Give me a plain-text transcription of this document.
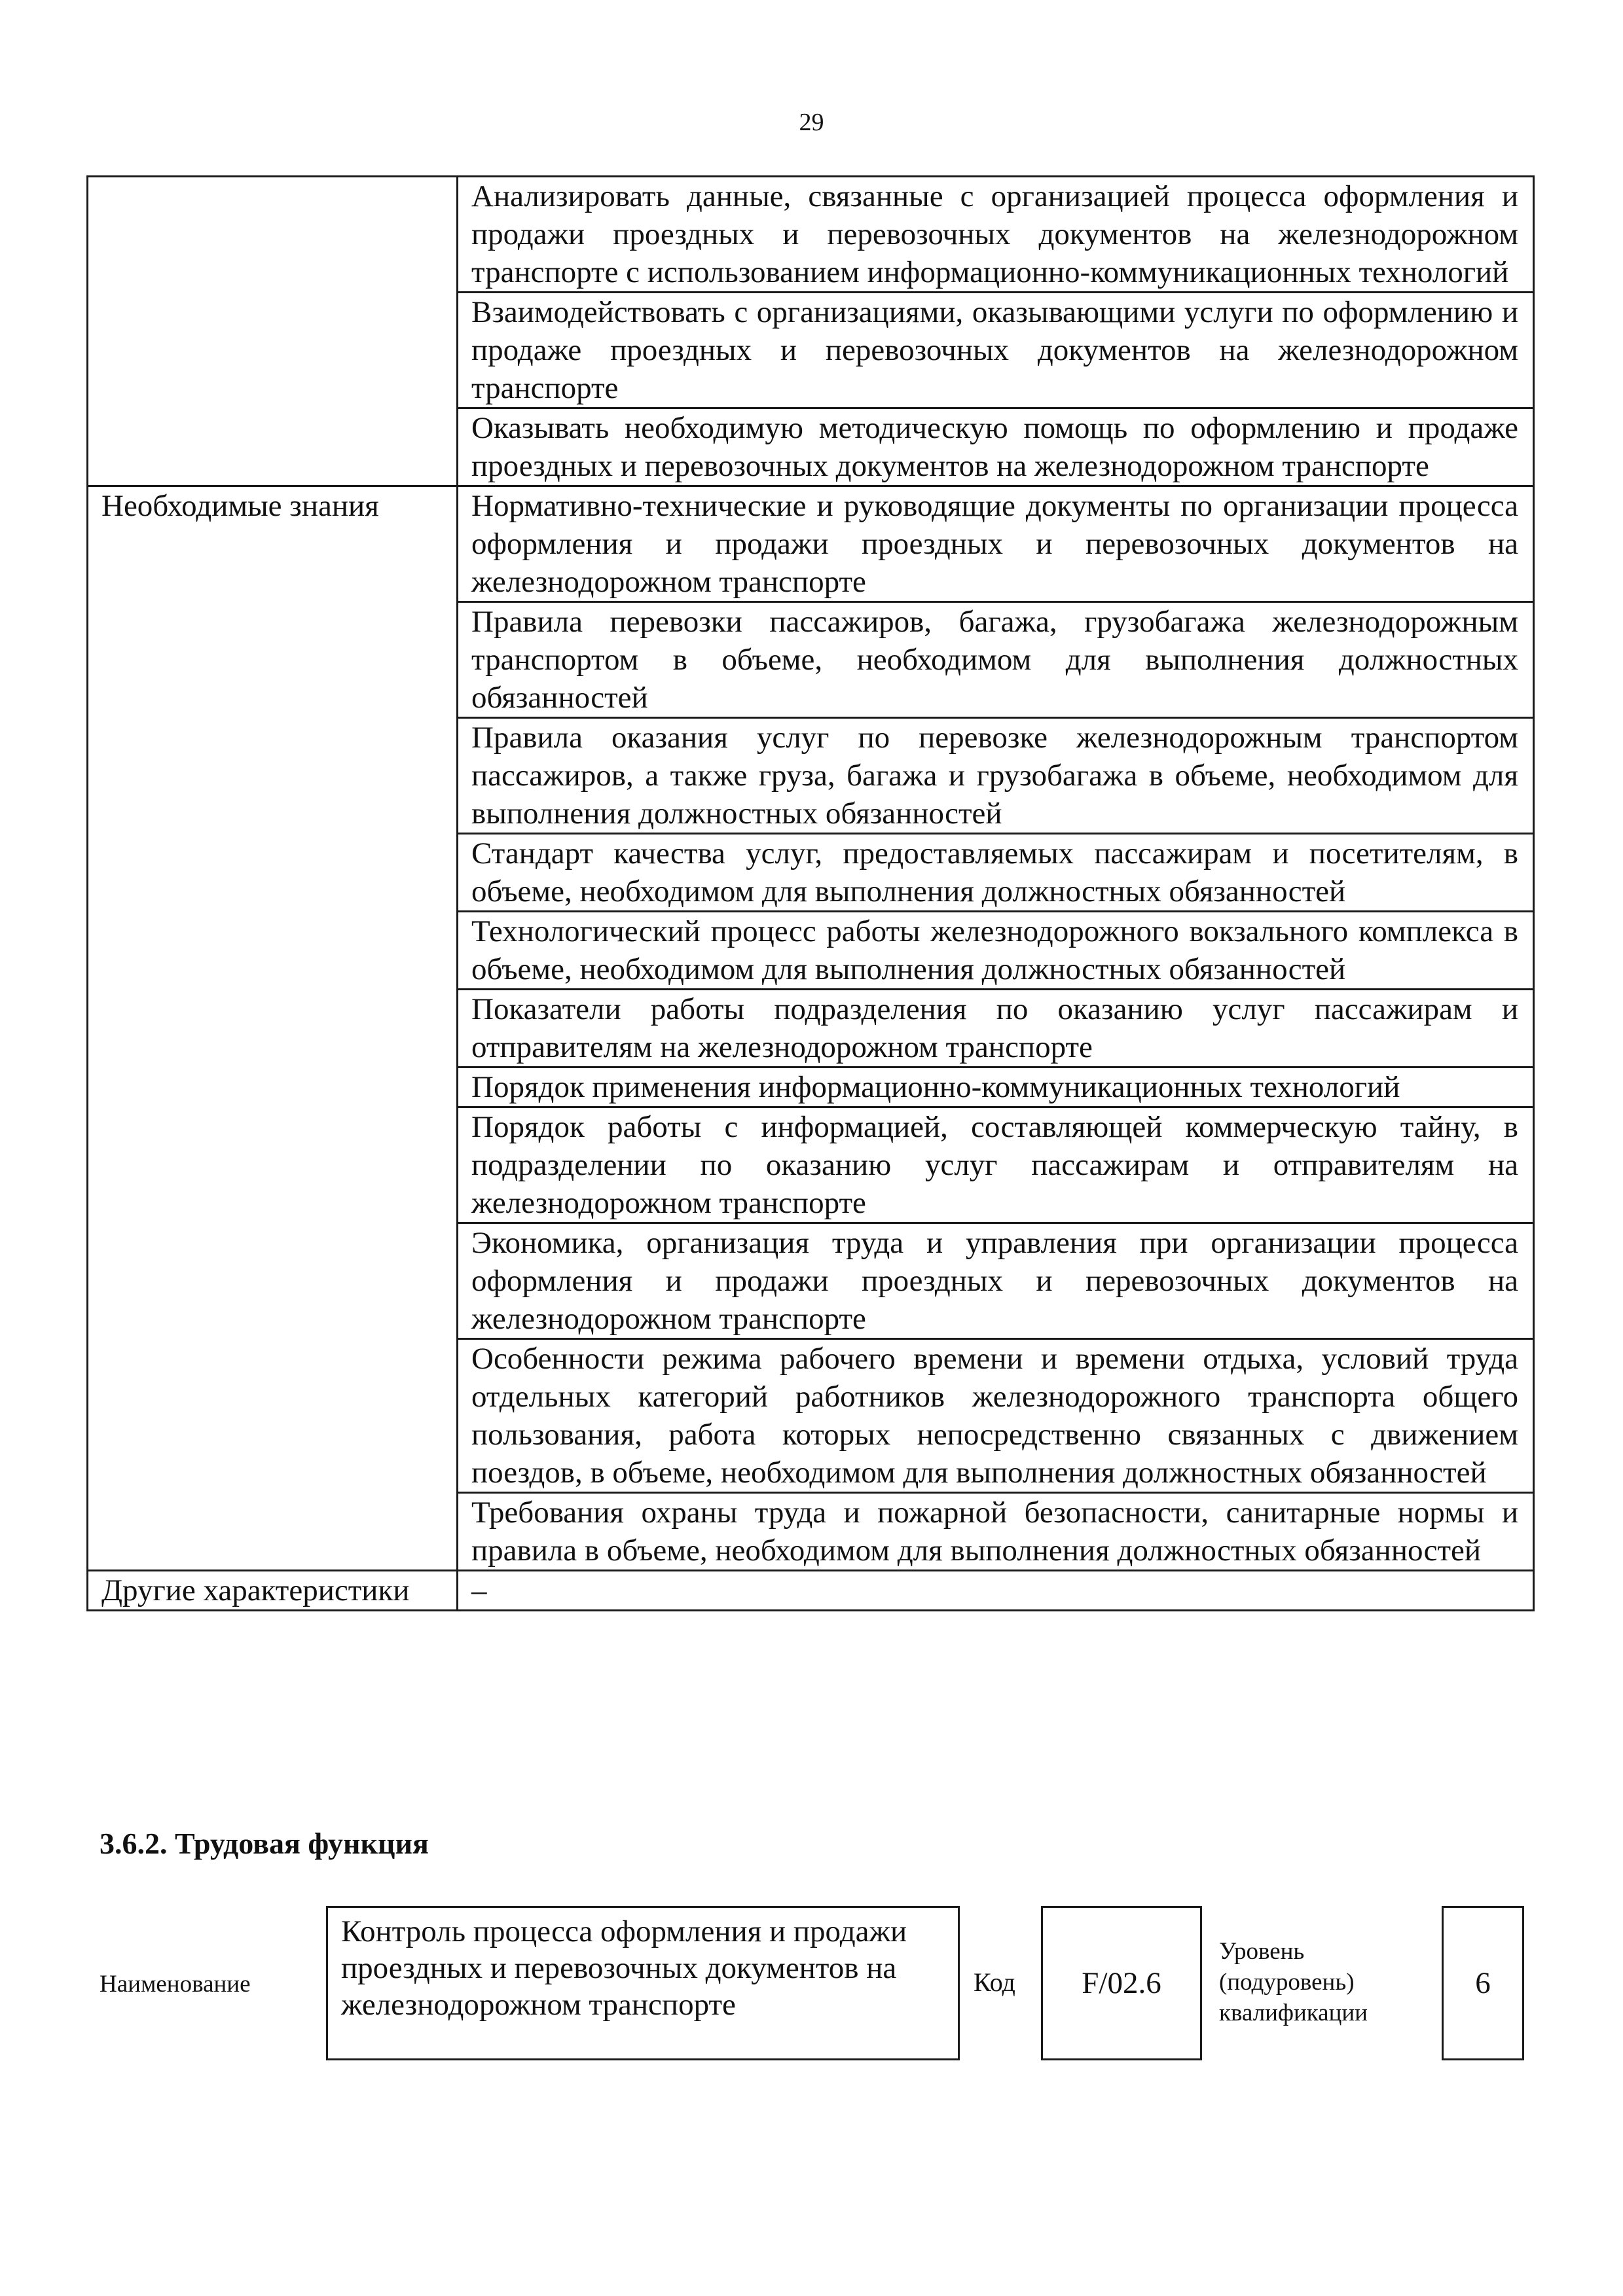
29
	Анализировать данные, связанные с организацией процесса оформления и продажи проездных и перевозочных документов на железнодорожном транспорте с использованием информационно-коммуникационных технологий
	Взаимодействовать с организациями, оказывающими услуги по оформлению и продаже проездных и перевозочных документов на железнодорожном транспорте
	Оказывать необходимую методическую помощь по оформлению и продаже проездных и перевозочных документов на железнодорожном транспорте

Необходимые знания	Нормативно-технические и руководящие документы по организации процесса оформления и продажи проездных и перевозочных документов на железнодорожном транспорте
	Правила перевозки пассажиров, багажа, грузобагажа железнодорожным транспортом в объеме, необходимом для выполнения должностных обязанностей
	Правила оказания услуг по перевозке железнодорожным транспортом пассажиров, а также груза, багажа и грузобагажа в объеме, необходимом для выполнения должностных обязанностей
	Стандарт качества услуг, предоставляемых пассажирам и посетителям, в объеме, необходимом для выполнения должностных обязанностей
	Технологический процесс работы железнодорожного вокзального комплекса в объеме, необходимом для выполнения должностных обязанностей
	Показатели работы подразделения по оказанию услуг пассажирам и отправителям на железнодорожном транспорте
	Порядок применения информационно-коммуникационных технологий
	Порядок работы с информацией, составляющей коммерческую тайну, в подразделении по оказанию услуг пассажирам и отправителям на железнодорожном транспорте
	Экономика, организация труда и управления при организации процесса оформления и продажи проездных и перевозочных документов на железнодорожном транспорте
	Особенности режима рабочего времени и времени отдыха, условий труда отдельных категорий работников железнодорожного транспорта общего пользования, работа которых непосредственно связанных с движением поездов, в объеме, необходимом для выполнения должностных обязанностей
	Требования охраны труда и пожарной безопасности, санитарные нормы и правила в объеме, необходимом для выполнения должностных обязанностей
Другие характеристики	–
3.6.2. Трудовая функция
Наименование
Контроль процесса оформления и продажи проездных и перевозочных документов на железнодорожном транспорте
Код F/02.6
Уровень (подуровень) квалификации
6
